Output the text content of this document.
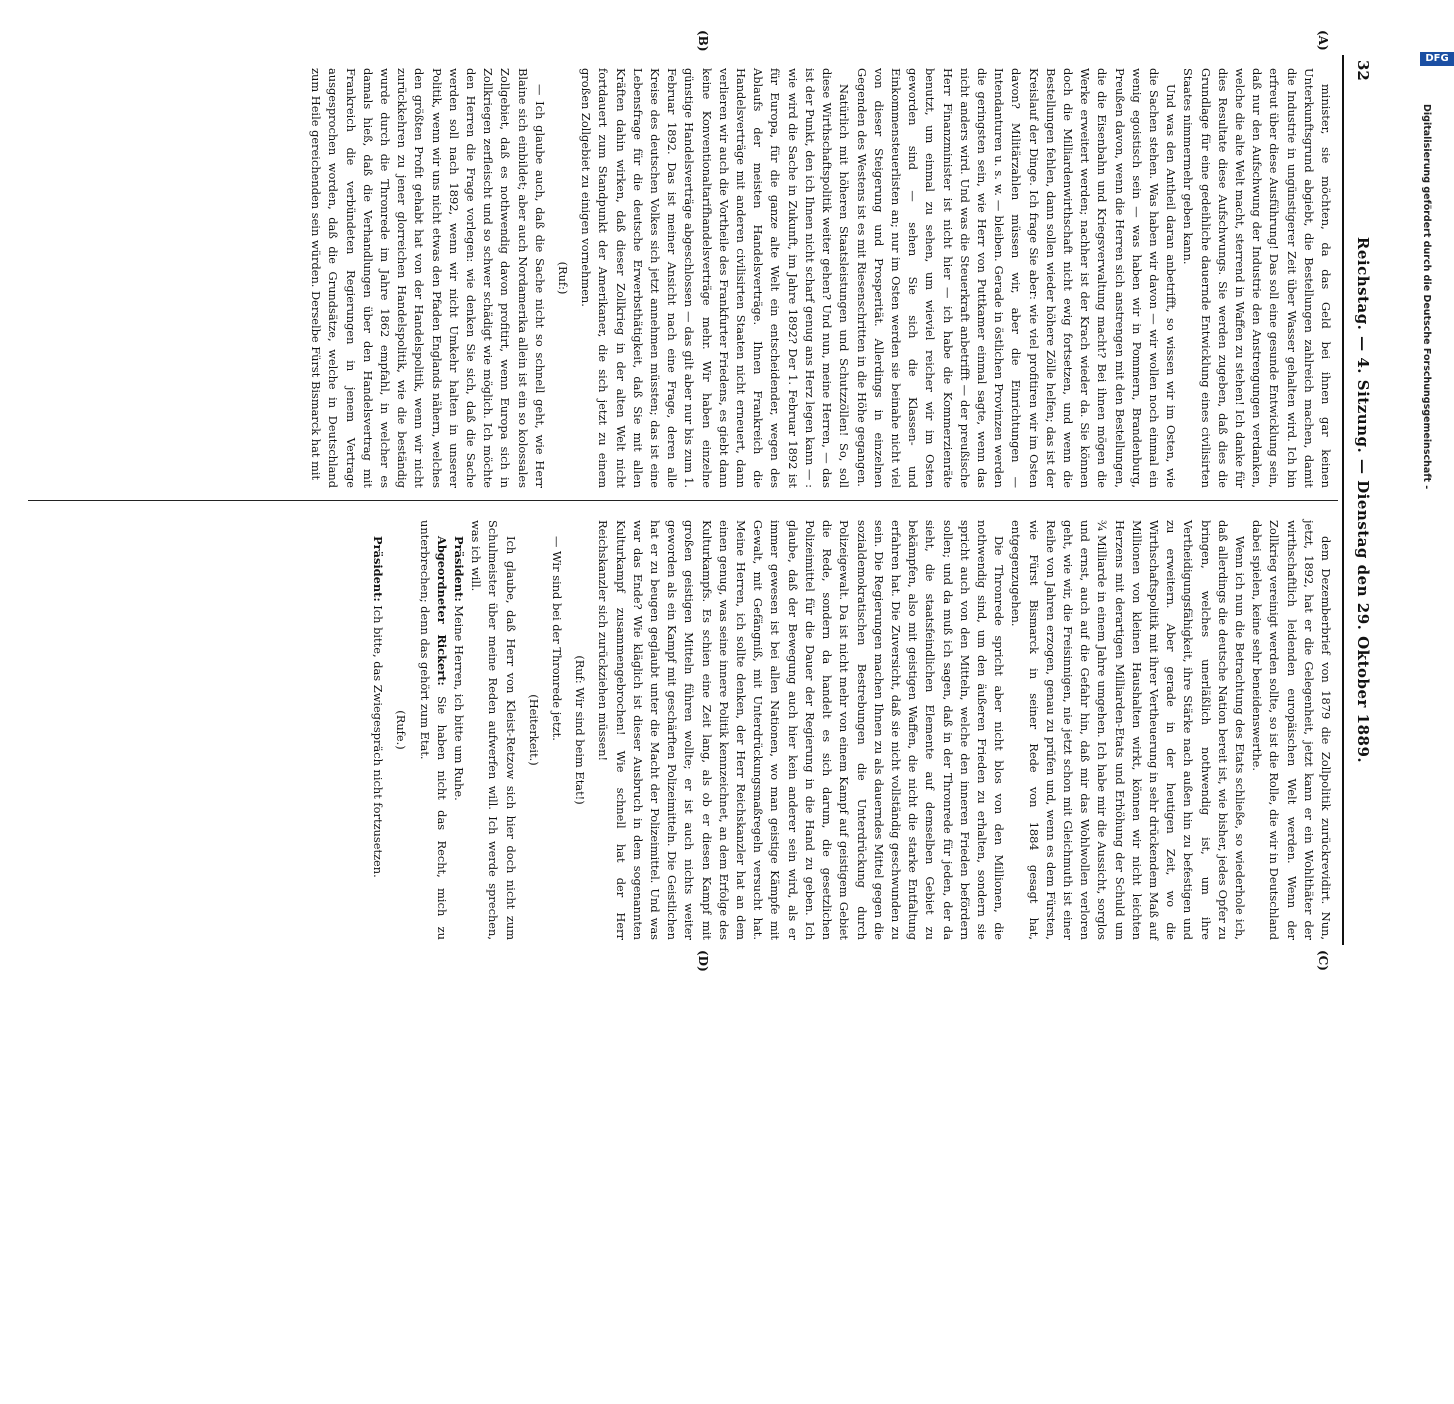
32
Reichstag. — 4. Sitzung. — Dienstag den 29. Oktober 1889.
(A)
(B)
(C)
(D)

minister, sie möchten, da das Geld bei ihnen gar keinen Unterkunftsgrund abgiebt, die Bestellungen zahlreich machen, damit die Industrie in ungünstigerer Zeit über Wasser gehalten wird. Ich bin erfreut über diese Ausführung! Das soll eine gesunde Entwicklung sein, daß nur den Aufschwung der Industrie den Anstrengungen verdanken, welche die alte Welt macht, sterrend in Waffen zu stehen! Ich danke für dies Resultate diese Aufschwungs. Sie werden zugeben, daß dies die Grundlage für eine gedeihliche dauernde Entwicklung eines civilisirten Staates nimmermehr geben kann.

Und was den Antheil daran anbetrifft, so wissen wir im Osten, wie die Sachen stehen. Was haben wir davon — wir wollen noch einmal ein wenig egoistisch sein — was haben wir in Pommern, Brandenburg, Preußen davon, wenn die Herren sich anstrengen mit den Bestellungen, die die Eisenbahn und Kriegsverwaltung macht? Bei ihnen mögen die Werke erweitert werden; nachher ist der Krach wieder da. Sie können doch die Milliardenwirthschaft nicht ewig fortsetzen, und wenn die Bestellungen fehlen, dann sollen wieder höhere Zölle helfen; das ist der Kreislauf der Dinge. Ich frage Sie aber: wie viel profitiren wir im Osten davon? Militärzahlen müssen wir, aber die Einrichtungen — Intendanturen u. s. w. — bleiben. Gerade in östlichen Provinzen werden die geringsten sein, wie Herr von Puttkamer einmal sagte, wenn das nicht anders wird. Und was die Steuerkraft anbetrifft — der preußische Herr Finanzminister ist nicht hier — ich habe die Kommerzienräte benutzt, um einmal zu sehen, um wieviel reicher wir im Osten geworden sind — sehen Sie sich die Klassen- und Einkommensteuerlisten an; nur im Osten werden sie beinahe nicht viel von dieser Steigerung und Prosperität. Allerdings in einzelnen Gegenden des Westens ist es mit Riesenschritten in die Höhe gegangen.

Natürlich mit höheren Staatsleistungen und Schutzzöllen! So, soll diese Wirthschaftspolitik weiter gehen? Und nun, meine Herren, — das ist der Punkt, den ich Ihnen nicht scharf genug ans Herz legen kann — : wie wird die Sache in Zukunft, im Jahre 1892? Der 1. Februar 1892 ist für Europa, für die ganze alte Welt ein entscheidender, wegen des Ablaufs der meisten Handelsverträge. Ihnen Frankreich die Handelsverträge mit anderen civilisirten Staaten nicht erneuert, dann verlieren wir auch die Vortheile des Frankfurter Friedens, es giebt dann keine Konventionaltarifhandelsverträge mehr. Wir haben einzelne günstige Handelsverträge abgeschlossen — das gilt aber nur bis zum 1. Februar 1892. Das ist meiner Ansicht nach eine Frage, deren alle Kreise des deutschen Volkes sich jetzt annehmen müssten; das ist eine Lebensfrage für die deutsche Erwerbsthätigkeit, daß Sie mit allen Kräften dahin wirken, daß dieser Zollkrieg in der alten Welt nicht fortdauert zum Standpunkt der Amerikaner, die sich jetzt zu einem großen Zollgebiet zu einigen vornehmen.

(Ruf:)

— Ich glaube auch, daß die Sache nicht so schnell geht, wie Herr Blaine sich einbildet; aber auch Nordamerika allein ist ein so kolossales Zollgebiet, daß es nothwendig davon profitirt, wenn Europa sich in Zollkriegen zerfleischt und so schwer schädigt wie möglich. Ich möchte den Herren die Frage vorlegen: wie denken Sie sich, daß die Sache werden soll nach 1892, wenn wir nicht Umkehr halten in unserer Politik, wenn wir uns nicht etwas den Pfaden Englands nähern, welches den größten Profit gehabt hat von der Handelspolitik, wenn wir nicht zurückkehren zu jener glorreichen Handelspolitik, wie die beständig wurde durch die Thronrede im Jahre 1862 empfahl, in welcher es damals hieß, daß die Verhandlungen über den Handelsvertrag mit Frankreich die verbündeten Regierungen in jenem Vertrage ausgesprochen worden, daß die Grundsätze, welche in Deutschland zum Heile gereichenden sein würden. Derselbe Fürst Bismarck hat mit

dem Dezemberbrief von 1879 die Zollpolitik zurückrevidirt. Nun, jetzt, 1892, hat er die Gelegenheit, jetzt kann er ein Wohlthäter der wirthschaftlich leidenden europäischen Welt werden. Wenn der Zollkrieg vereinigt werden sollte, so ist die Rolle, die wir in Deutschland dabei spielen, keine sehr beneidenswerthe.

Wenn ich nun die Betrachtung des Etats schließe, so wiederhole ich, daß allerdings die deutsche Nation bereit ist, wie bisher, jedes Opfer zu bringen, welches unerläßlich nothwendig ist, um ihre Vertheidigungsfähigkeit, ihre Stärke nach außen hin zu befestigen und zu erweitern. Aber gerade in der heutigen Zeit, wo die Wirthschaftspolitik mit ihrer Vertheuerung in sehr drückendem Maß auf Millionen von kleinen Haushalten wirkt, können wir nicht leichten Herzens mit derartigen Milliarden-Etats und Erhöhung der Schuld um ¾ Milliarde in einem Jahre umgehen. Ich habe mir die Aussicht, sorglos und ernst, auch auf die Gefahr hin, daß mir das Wohlwollen verloren geht, wie wir, die Freisinnigen, nie jetzt schon mit Gleichmuth ist einer Reihe von Jahren erzogen, genau zu prüfen und, wenn es dem Fürsten, wie Fürst Bismarck in seiner Rede von 1884 gesagt hat, entgegenzugehen.

Die Thronrede spricht aber nicht blos von den Millionen, die nothwendig sind, um den äußeren Frieden zu erhalten, sondern sie spricht auch von den Mitteln, welche den inneren Frieden befördern sollen; und da muß ich sagen, daß in der Thronrede für jeden, der da sieht, die staatsfeindlichen Elemente auf demselben Gebiet zu bekämpfen, also mit geistigen Waffen, die nicht die starke Entfaltung erfahren hat. Die Zuversicht, daß sie nicht vollständig geschwunden zu sein. Die Regierungen machen Ihnen zu als dauerndes Mittel gegen die sozialdemokratischen Bestrebungen die Unterdrückung durch Polizeigewalt. Da ist nicht mehr von einem Kampf auf geistigem Gebiet die Rede, sondern da handelt es sich darum, die gesetzlichen Polizeimittel für die Dauer der Regierung in die Hand zu geben. Ich glaube, daß der Bewegung auch hier kein anderer sein wird, als er immer gewesen ist bei allen Nationen, wo man geistige Kämpfe mit Gewalt, mit Gefängniß, mit Unterdrückungsmaßregeln versucht hat. Meine Herren, ich sollte denken, der Herr Reichskanzler hat an dem einen genug, was seine innere Politik kennzeichnet, an dem Erfolge des Kulturkampfs. Es schien eine Zeit lang, als ob er diesen Kampf mit großen geistigen Mitteln führen wollte; er ist auch nichts weiter geworden als ein Kampf mit geschärften Polizeimitteln. Die Geistlichen hat er zu beugen geglaubt unter die Macht der Polizeimittel. Und was war das Ende? Wie kläglich ist dieser Ausbruch in dem sogenannten Kulturkampf zusammengebrochen! Wie schnell hat der Herr Reichskanzler sich zurückziehen müssen!

(Ruf: Wir sind beim Etat!)

— Wir sind bei der Thronrede jetzt.

(Heiterkeit.)

Ich glaube, daß Herr von Kleist-Retzow sich hier doch nicht zum Schulmeister über meine Reden aufwerfen will. Ich werde sprechen, was ich will.

Präsident: Meine Herren, ich bitte um Ruhe.

Abgeordneter Rickert: Sie haben nicht das Recht, mich zu unterbrechen; denn das gehört zum Etat.

(Rufe.)

Präsident: Ich bitte, das Zwiegespräch nicht fortzusetzen.

DFG
Digitalisierung gefördert durch die Deutsche Forschungsgemeinschaft -
